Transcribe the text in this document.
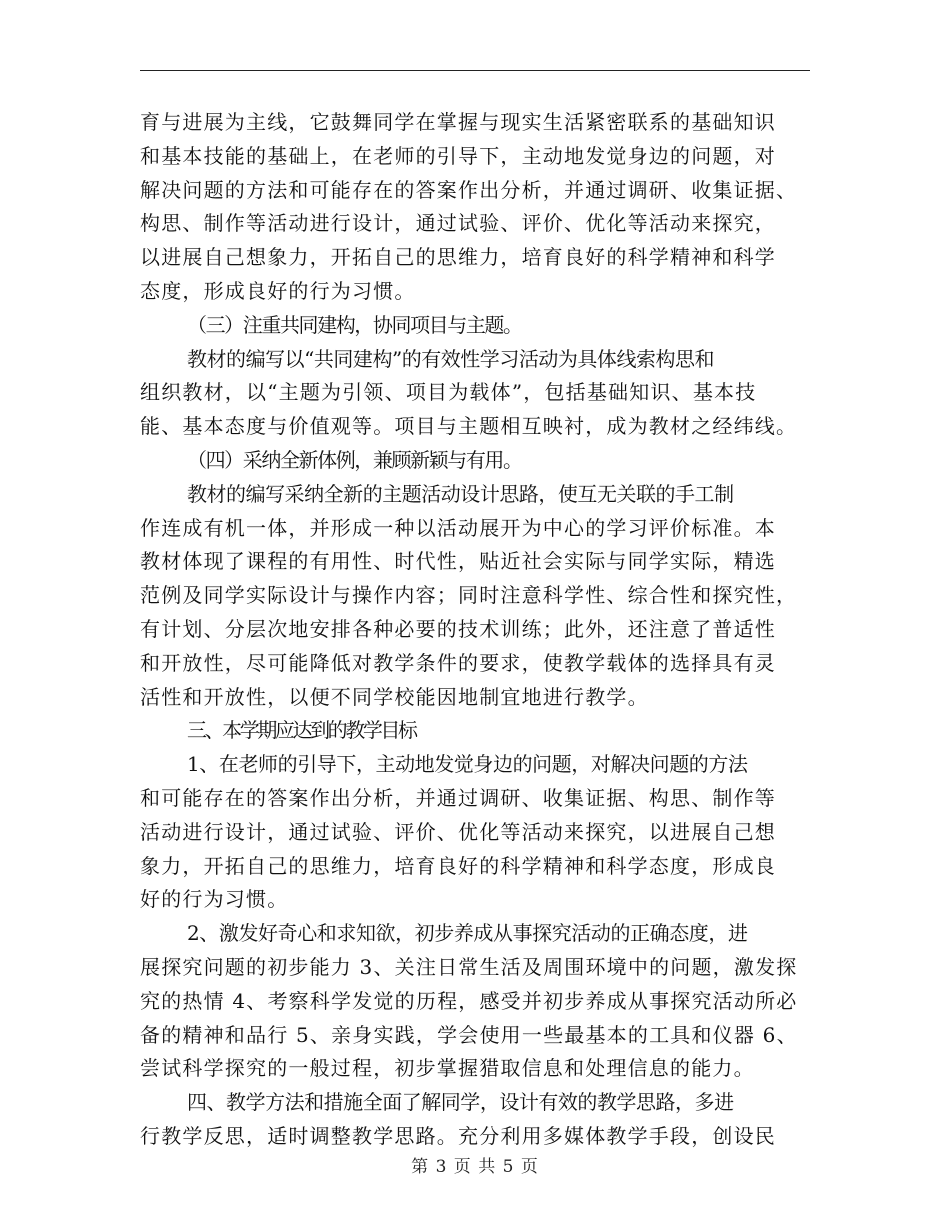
育与进展为主线，它鼓舞同学在掌握与现实生活紧密联系的基础知识
和基本技能的基础上，在老师的引导下，主动地发觉身边的问题，对
解决问题的方法和可能存在的答案作出分析，并通过调研、收集证据、
构思、制作等活动进行设计，通过试验、评价、优化等活动来探究，
以进展自己想象力，开拓自己的思维力，培育良好的科学精神和科学
态度，形成良好的行为习惯。
（三）注重共同建构，协同项目与主题。
教材的编写以“共同建构”的有效性学习活动为具体线索构思和
组织教材，以“主题为引领、项目为载体”，包括基础知识、基本技
能、基本态度与价值观等。项目与主题相互映衬，成为教材之经纬线。
（四）采纳全新体例，兼顾新颖与有用。
教材的编写采纳全新的主题活动设计思路，使互无关联的手工制
作连成有机一体，并形成一种以活动展开为中心的学习评价标准。本
教材体现了课程的有用性、时代性，贴近社会实际与同学实际，精选
范例及同学实际设计与操作内容；同时注意科学性、综合性和探究性，
有计划、分层次地安排各种必要的技术训练；此外，还注意了普适性
和开放性，尽可能降低对教学条件的要求，使教学载体的选择具有灵
活性和开放性，以便不同学校能因地制宜地进行教学。
三、本学期应达到的教学目标
1、在老师的引导下，主动地发觉身边的问题，对解决问题的方法
和可能存在的答案作出分析，并通过调研、收集证据、构思、制作等
活动进行设计，通过试验、评价、优化等活动来探究，以进展自己想
象力，开拓自己的思维力，培育良好的科学精神和科学态度，形成良
好的行为习惯。
2、激发好奇心和求知欲，初步养成从事探究活动的正确态度，进
展探究问题的初步能力 3、关注日常生活及周围环境中的问题，激发探
究的热情 4、考察科学发觉的历程，感受并初步养成从事探究活动所必
备的精神和品行 5、亲身实践，学会使用一些最基本的工具和仪器 6、
尝试科学探究的一般过程，初步掌握猎取信息和处理信息的能力。
四、教学方法和措施全面了解同学，设计有效的教学思路，多进
行教学反思，适时调整教学思路。充分利用多媒体教学手段，创设民
第 3 页 共 5 页
